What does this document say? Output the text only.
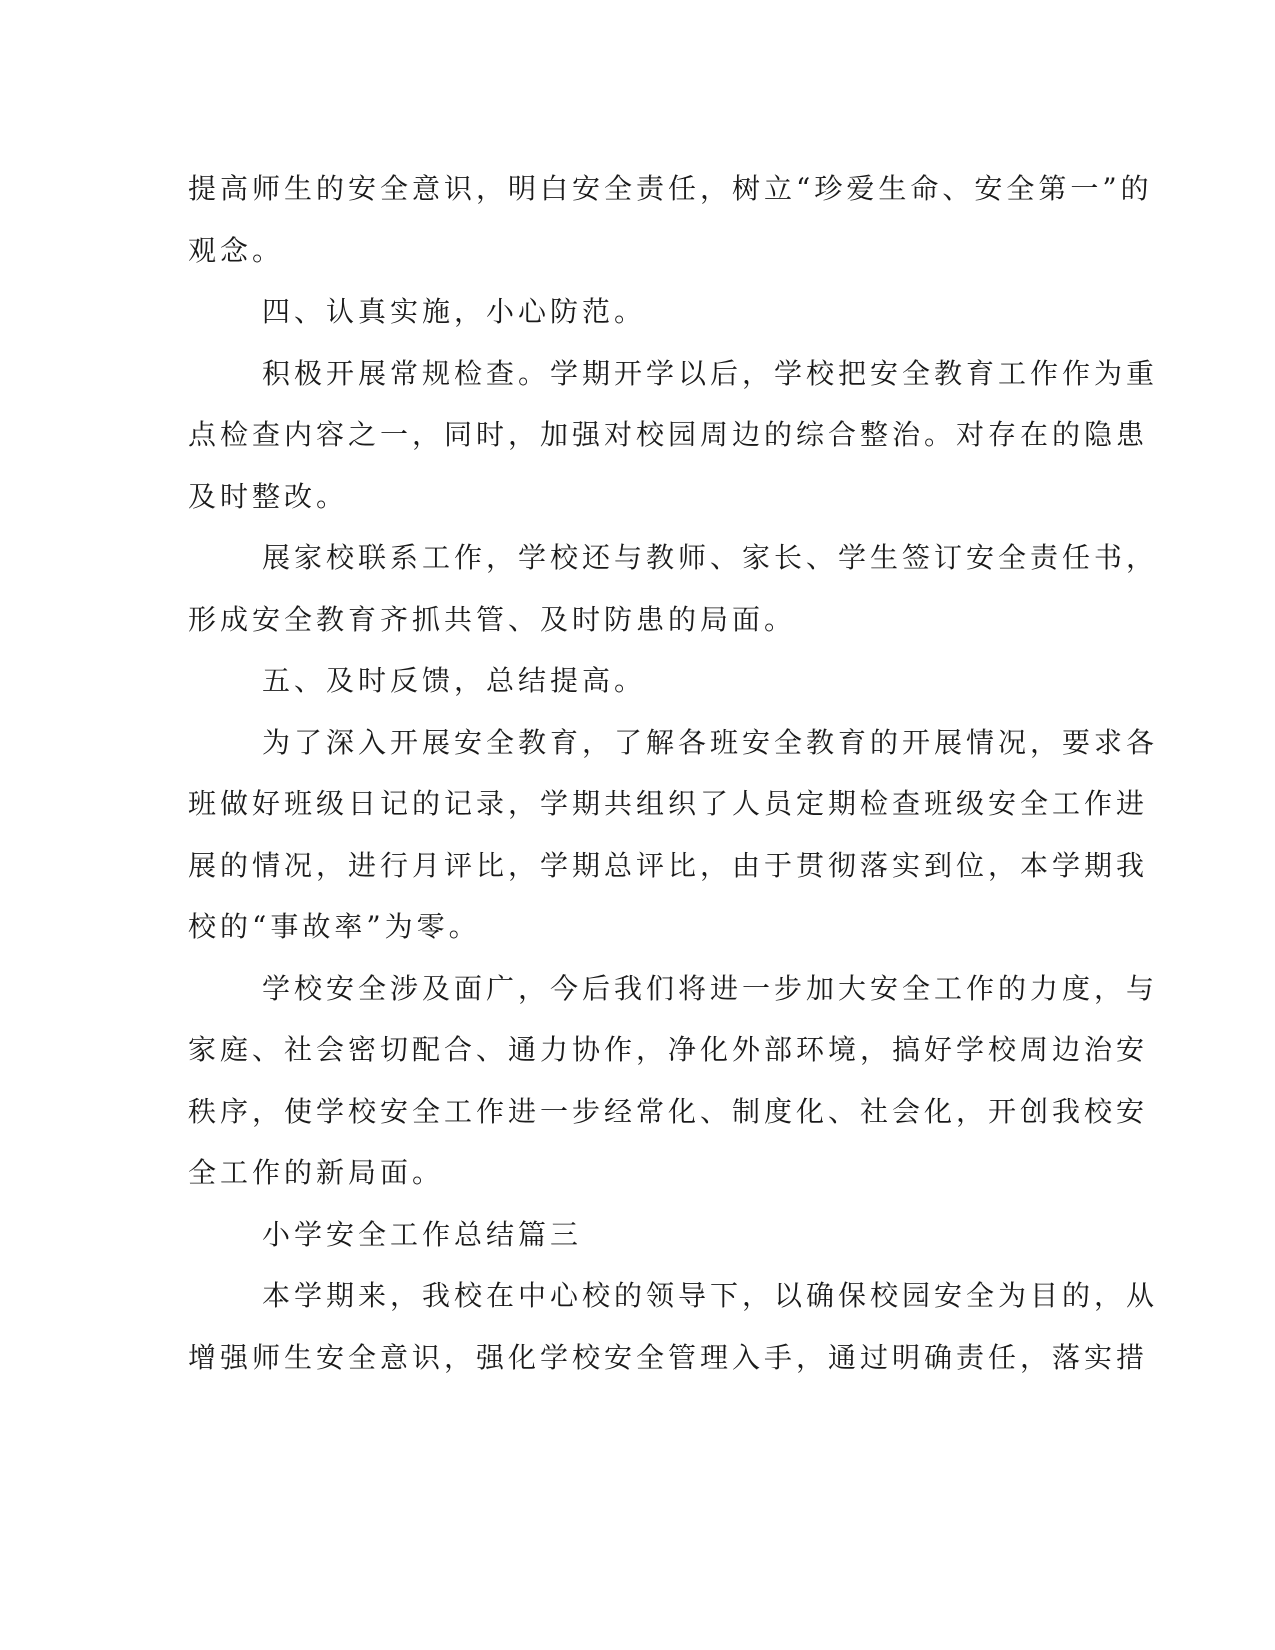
提高师生的安全意识，明白安全责任，树立“珍爱生命、安全第一”的
观念。
四、认真实施，小心防范。
积极开展常规检查。学期开学以后，学校把安全教育工作作为重
点检查内容之一，同时，加强对校园周边的综合整治。对存在的隐患
及时整改。
展家校联系工作，学校还与教师、家长、学生签订安全责任书，
形成安全教育齐抓共管、及时防患的局面。
五、及时反馈，总结提高。
为了深入开展安全教育，了解各班安全教育的开展情况，要求各
班做好班级日记的记录，学期共组织了人员定期检查班级安全工作进
展的情况，进行月评比，学期总评比，由于贯彻落实到位，本学期我
校的“事故率”为零。
学校安全涉及面广，今后我们将进一步加大安全工作的力度，与
家庭、社会密切配合、通力协作，净化外部环境，搞好学校周边治安
秩序，使学校安全工作进一步经常化、制度化、社会化，开创我校安
全工作的新局面。
小学安全工作总结篇三
本学期来，我校在中心校的领导下，以确保校园安全为目的，从
增强师生安全意识，强化学校安全管理入手，通过明确责任，落实措
